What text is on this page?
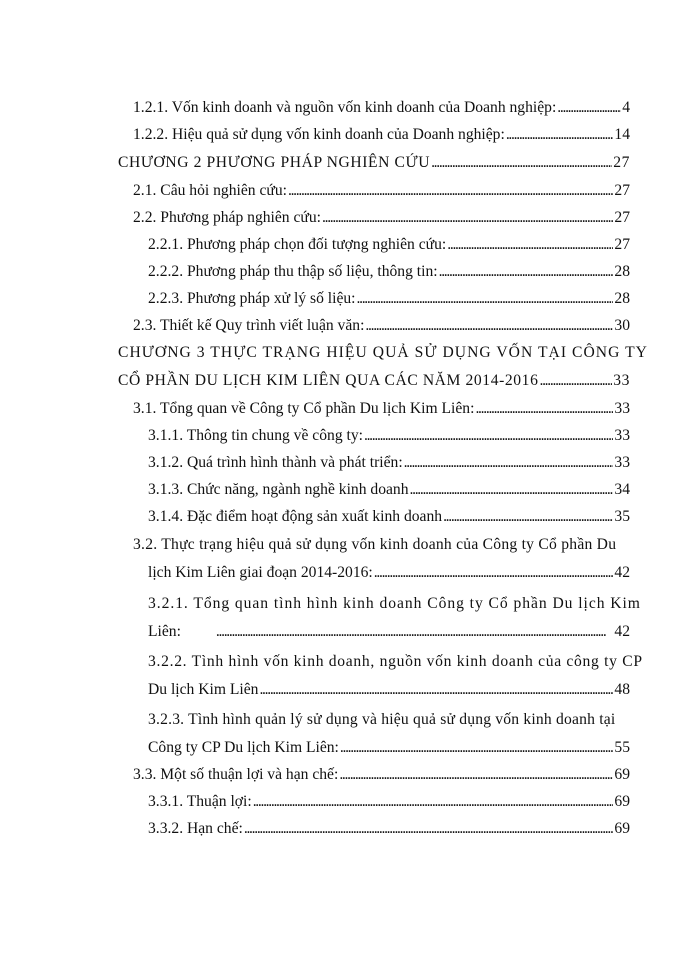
1.2.1. Vốn kinh doanh và nguồn vốn kinh doanh của Doanh nghiệp: . . .	4
1.2.2. Hiệu quả sử dụng vốn kinh doanh của Doanh nghiệp: . . .	14
CHƯƠNG 2 PHƯƠNG PHÁP NGHIÊN CỨU . . .	27
2.1. Câu hỏi nghiên cứu: . . .	27
2.2. Phương pháp nghiên cứu: . . .	27
2.2.1. Phương pháp chọn đối tượng nghiên cứu: . . .	27
2.2.2. Phương pháp thu thập số liệu, thông tin: . . .	28
2.2.3. Phương pháp xử lý số liệu: . . .	28
2.3. Thiết kế Quy trình viết luận văn: . . .	30
CHƯƠNG 3 THỰC TRẠNG HIỆU QUẢ SỬ DỤNG VỐN TẠI CÔNG TY
CỔ PHẦN DU LỊCH KIM LIÊN QUA CÁC NĂM 2014-2016 . . .	33
3.1. Tổng quan về Công ty Cổ phần Du lịch Kim Liên: . . .	33
3.1.1. Thông tin chung về công ty: . . .	33
3.1.2. Quá trình hình thành và phát triển: . . .	33
3.1.3. Chức năng, ngành nghề kinh doanh . . .	34
3.1.4. Đặc điểm hoạt động sản xuất kinh doanh . . .	35
3.2. Thực trạng hiệu quả sử dụng vốn kinh doanh của Công ty Cổ phần Du
lịch Kim Liên giai đoạn 2014-2016: . . .	42
3.2.1. Tổng quan tình hình kinh doanh Công ty Cổ phần Du lịch Kim
Liên: . . .	42
3.2.2. Tình hình vốn kinh doanh, nguồn vốn kinh doanh của công ty CP
Du lịch Kim Liên . . .	48
3.2.3. Tình hình quản lý sử dụng và hiệu quả sử dụng vốn kinh doanh tại
Công ty CP Du lịch Kim Liên: . . .	55
3.3. Một số thuận lợi và hạn chế: . . .	69
3.3.1. Thuận lợi: . . .	69
3.3.2. Hạn chế: . . .	69
